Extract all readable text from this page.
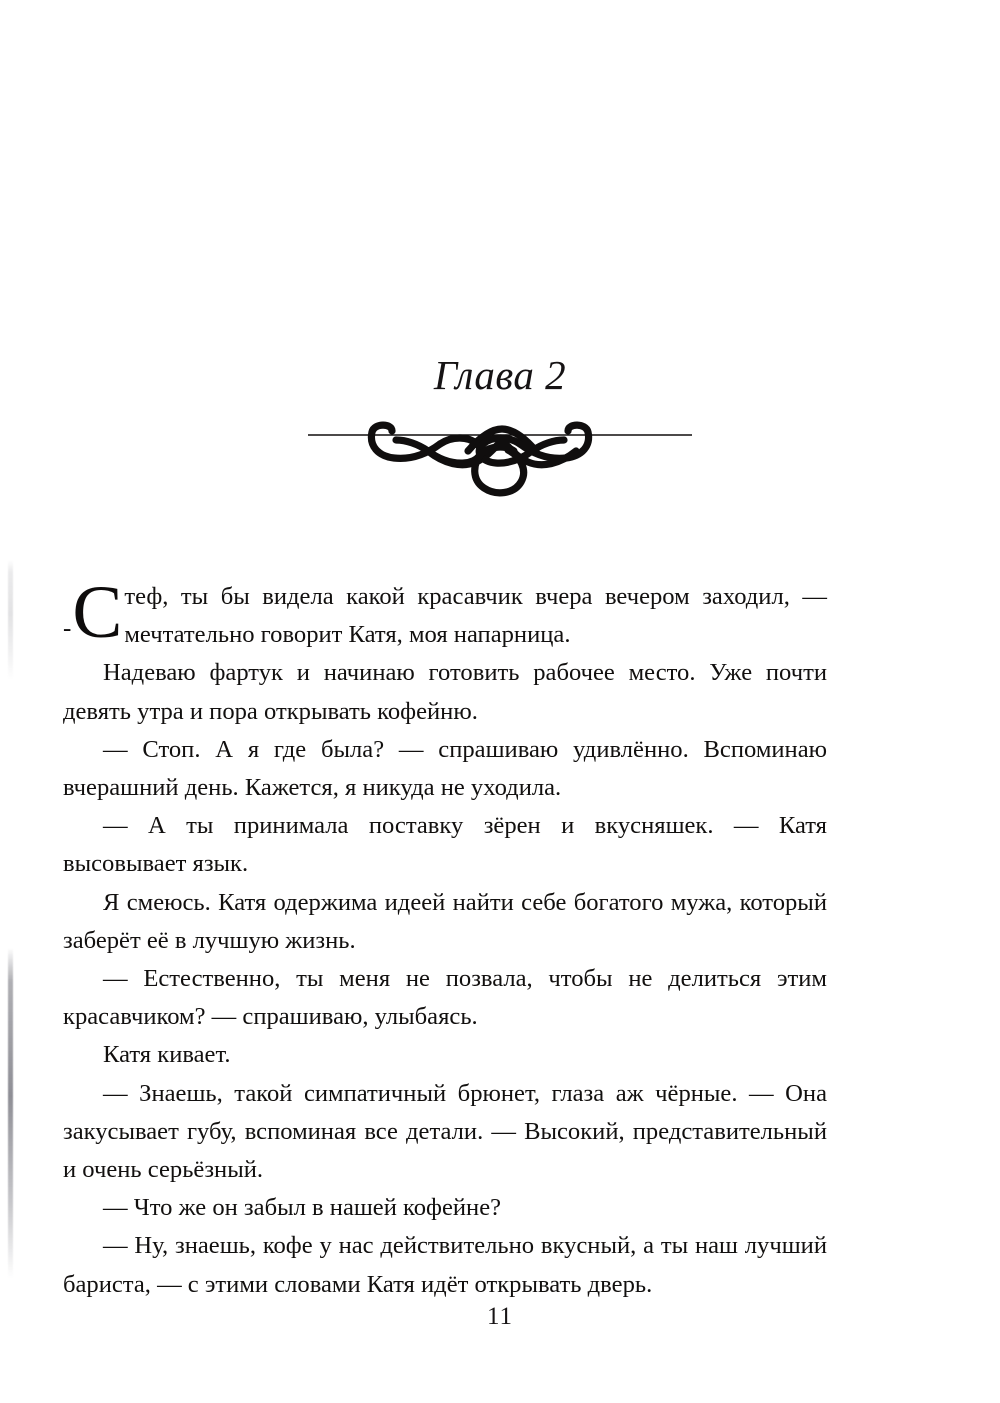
Глава 2

- С теф, ты бы видела какой красавчик вчера вечером заходил, — мечтательно говорит Катя, моя напарница.

Надеваю фартук и начинаю готовить рабочее место. Уже почти девять утра и пора открывать кофейню.

— Стоп. А я где была? — спрашиваю удивлённо. Вспоминаю вчерашний день. Кажется, я никуда не уходила.

— А ты принимала поставку зёрен и вкусняшек. — Катя высовывает язык.

Я смеюсь. Катя одержима идеей найти себе богатого мужа, который заберёт её в лучшую жизнь.

— Естественно, ты меня не позвала, чтобы не делиться этим красавчиком? — спрашиваю, улыбаясь.

Катя кивает.

— Знаешь, такой симпатичный брюнет, глаза аж чёрные. — Она закусывает губу, вспоминая все детали. — Высокий, представительный и очень серьёзный.

— Что же он забыл в нашей кофейне?

— Ну, знаешь, кофе у нас действительно вкусный, а ты наш лучший бариста, — с этими словами Катя идёт открывать дверь.

11
